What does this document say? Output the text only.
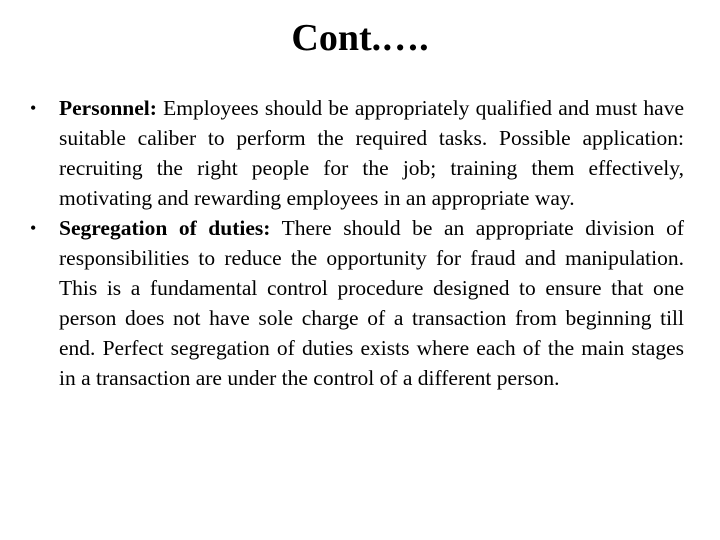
Cont.….
• Personnel: Employees should be appropriately qualified and must have suitable caliber to perform the required tasks. Possible application: recruiting the right people for the job; training them effectively, motivating and rewarding employees in an appropriate way.
• Segregation of duties: There should be an appropriate division of responsibilities to reduce the opportunity for fraud and manipulation. This is a fundamental control procedure designed to ensure that one person does not have sole charge of a transaction from beginning till end. Perfect segregation of duties exists where each of the main stages in a transaction are under the control of a different person.
